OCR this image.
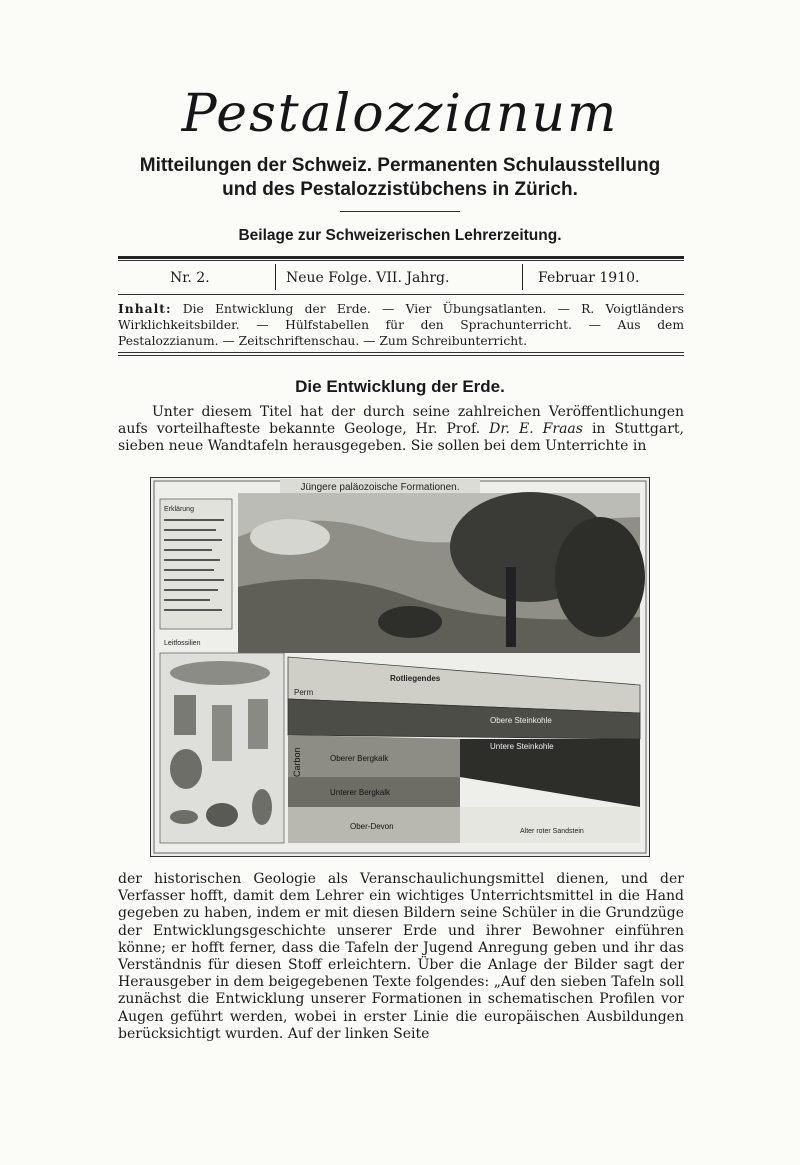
Pestalozzianum
Mitteilungen der Schweiz. Permanenten Schulausstellung
und des Pestalozzistübchens in Zürich.
Beilage zur Schweizerischen Lehrerzeitung.
Nr. 2.	Neue Folge. VII. Jahrg.	Februar 1910.
Inhalt: Die Entwicklung der Erde. — Vier Übungsatlanten. — R. Voigtländers Wirklichkeitsbilder. — Hülfstabellen für den Sprachunterricht. — Aus dem Pestalozzianum. — Zeitschriftenschau. — Zum Schreibunterricht.
Die Entwicklung der Erde.

Unter diesem Titel hat der durch seine zahlreichen Veröffentlichungen aufs vorteilhafteste bekannte Geologe, Hr. Prof. Dr. E. Fraas in Stuttgart, sieben neue Wandtafeln herausgegeben. Sie sollen bei dem Unterrichte in

Jüngere paläozoische Formationen.
Erklärung
Leitfossilien
Perm
Rotliegendes
Obere Steinkohle
Untere Steinkohle
Oberer Bergkalk
Unterer Bergkalk
Ober-Devon
Alter roter Sandstein
Carbon

der historischen Geologie als Veranschaulichungsmittel dienen, und der Verfasser hofft, damit dem Lehrer ein wichtiges Unterrichtsmittel in die Hand gegeben zu haben, indem er mit diesen Bildern seine Schüler in die Grundzüge der Entwicklungsgeschichte unserer Erde und ihrer Bewohner einführen könne; er hofft ferner, dass die Tafeln der Jugend Anregung geben und ihr das Verständnis für diesen Stoff erleichtern. Über die Anlage der Bilder sagt der Herausgeber in dem beigegebenen Texte folgendes: „Auf den sieben Tafeln soll zunächst die Entwicklung unserer Formationen in schematischen Profilen vor Augen geführt werden, wobei in erster Linie die europäischen Ausbildungen berücksichtigt wurden. Auf der linken Seite
